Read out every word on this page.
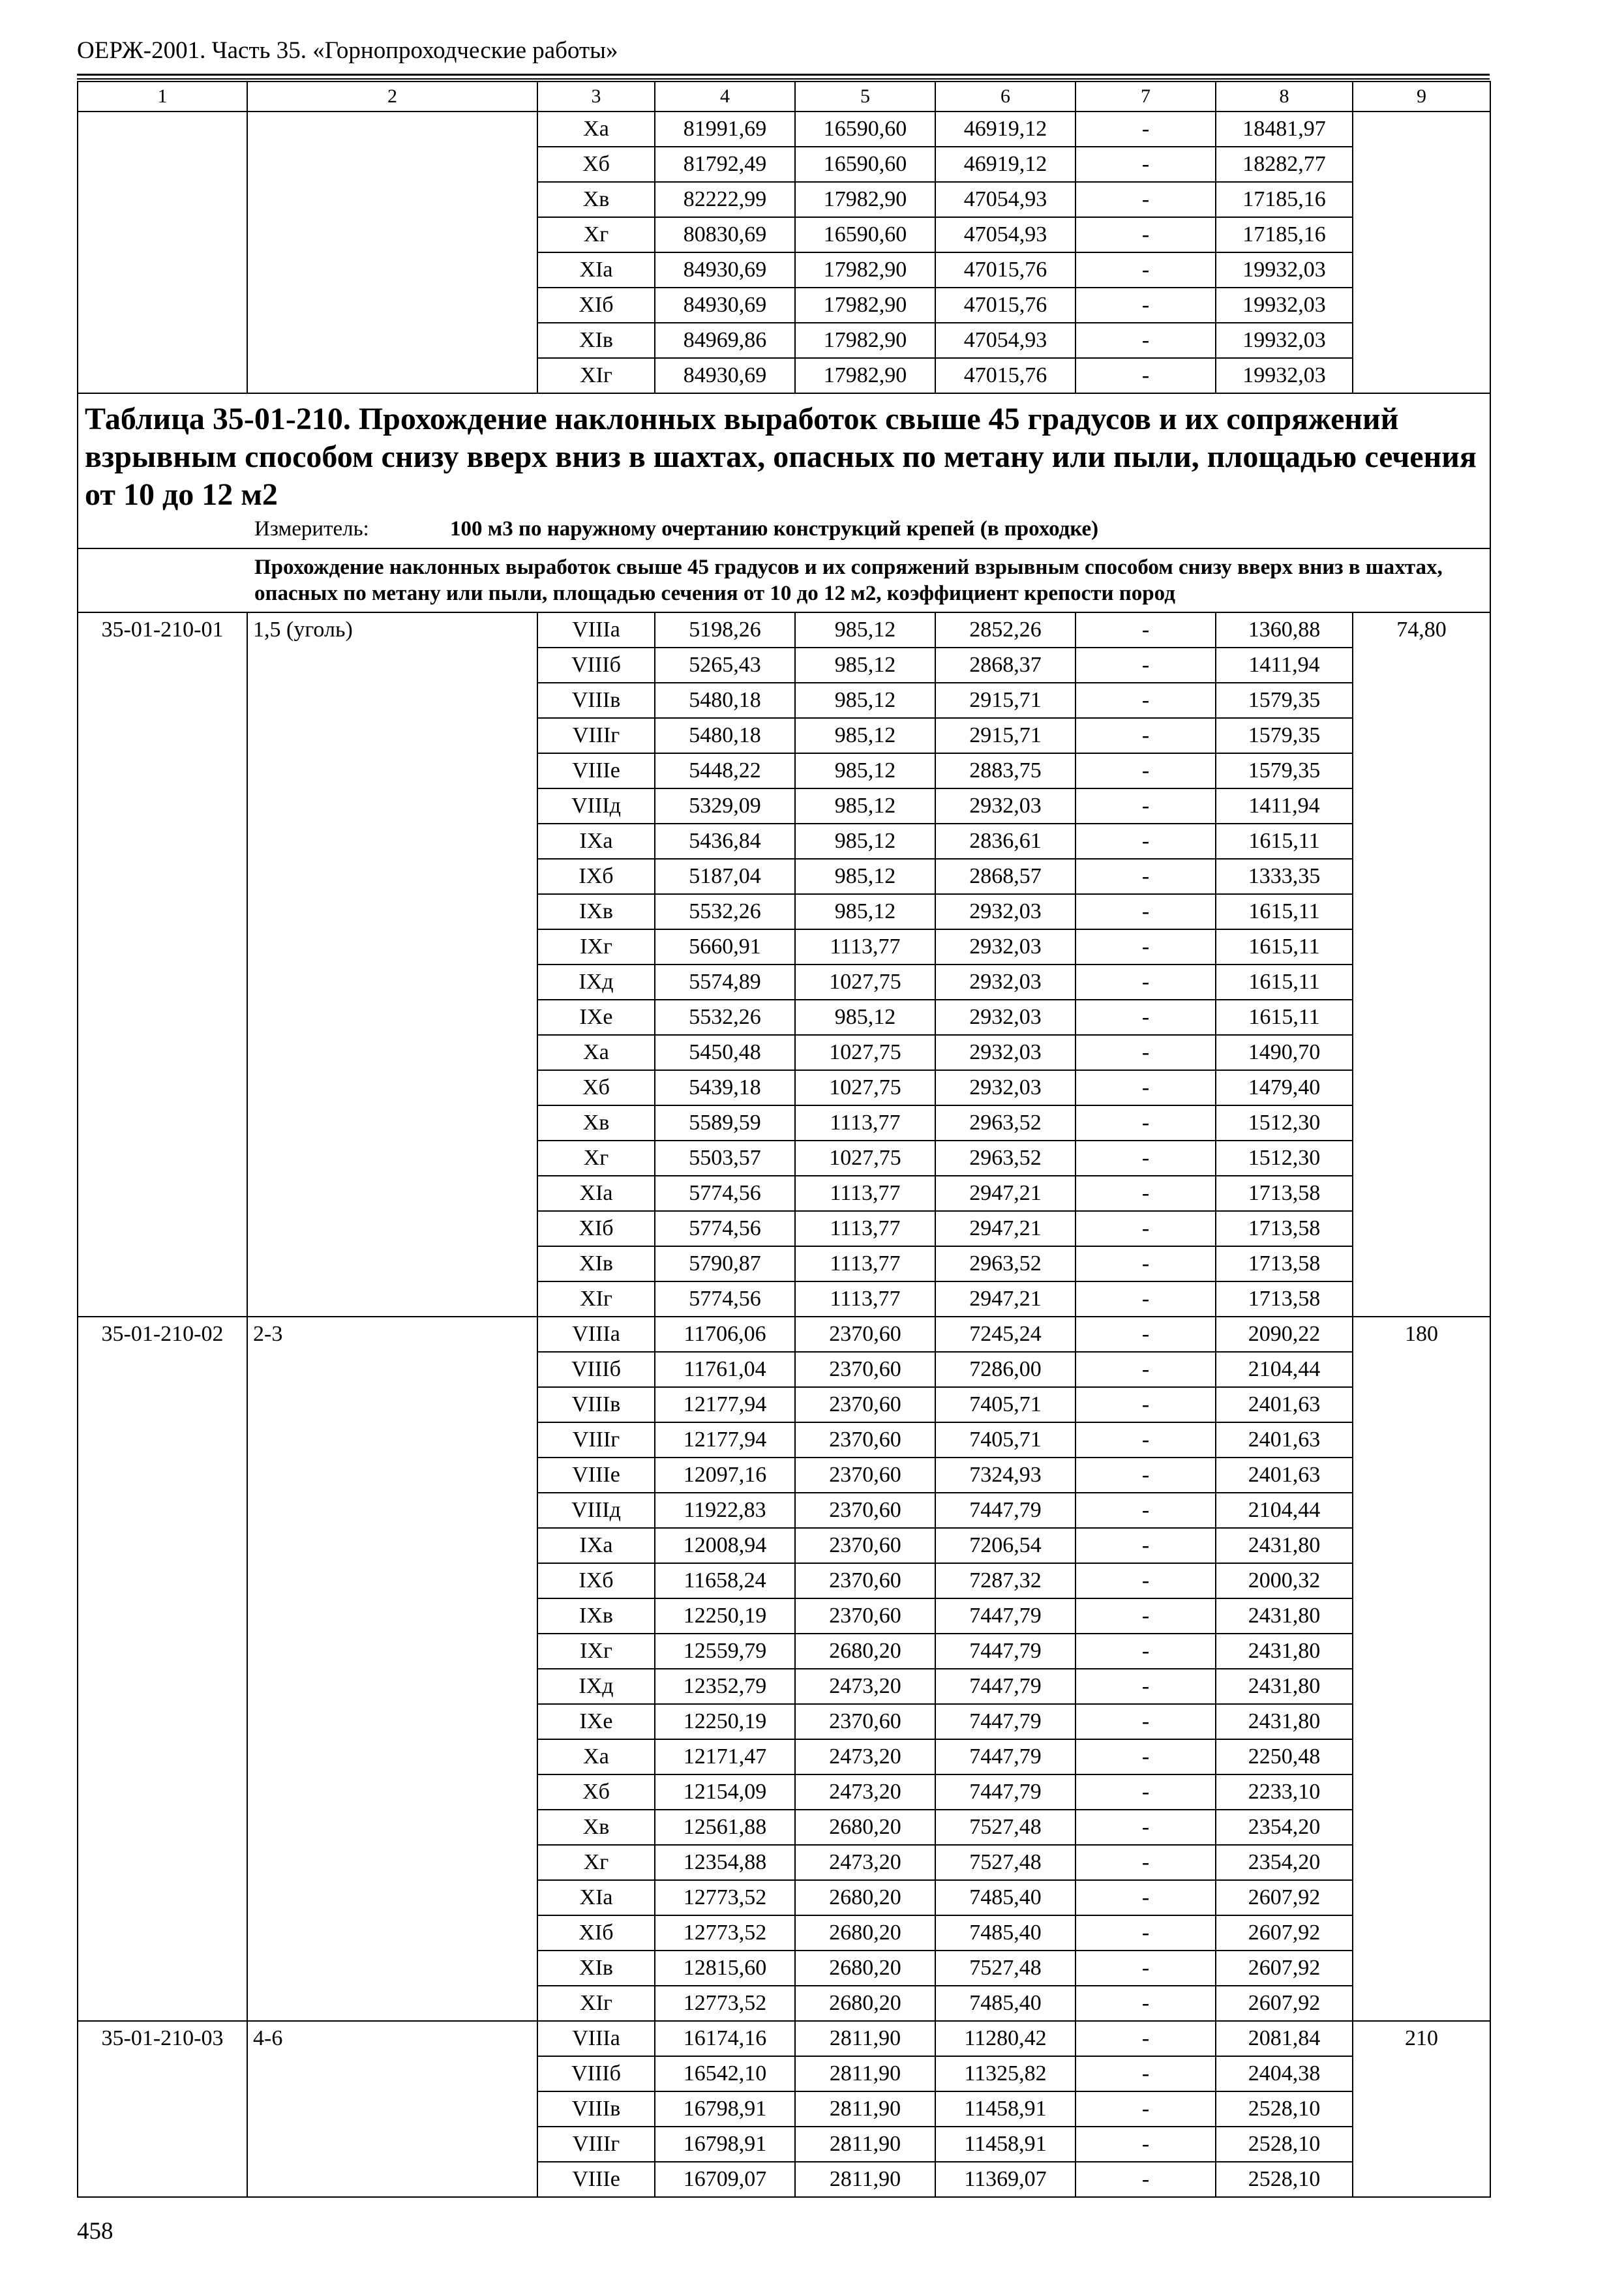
ОЕРЖ-2001. Часть 35. «Горнопроходческие работы»
1	2	3	4	5	6	7	8	9
		Ха	81991,69	16590,60	46919,12	-	18481,97	
		Хб	81792,49	16590,60	46919,12	-	18282,77	
		Хв	82222,99	17982,90	47054,93	-	17185,16	
		Хг	80830,69	16590,60	47054,93	-	17185,16	
		ХIа	84930,69	17982,90	47015,76	-	19932,03	
		ХIб	84930,69	17982,90	47015,76	-	19932,03	
		ХIв	84969,86	17982,90	47054,93	-	19932,03	
		ХIг	84930,69	17982,90	47015,76	-	19932,03	

Таблица 35-01-210. Прохождение наклонных выработок свыше 45 градусов и их сопряжений взрывным способом снизу вверх вниз в шахтах, опасных по метану или пыли, площадью сечения от 10 до 12 м2
Измеритель: 100 м3 по наружному очертанию конструкций крепей (в проходке)								

Прохождение наклонных выработок свыше 45 градусов и их сопряжений взрывным способом снизу вверх вниз в шахтах, опасных по метану или пыли, площадью сечения от 10 до 12 м2, коэффициент крепости пород								
35-01-210-01	1,5 (уголь)	VIIIа	5198,26	985,12	2852,26	-	1360,88	74,80
		VIIIб	5265,43	985,12	2868,37	-	1411,94	
		VIIIв	5480,18	985,12	2915,71	-	1579,35	
		VIIIг	5480,18	985,12	2915,71	-	1579,35	
		VIIIе	5448,22	985,12	2883,75	-	1579,35	
		VIIIд	5329,09	985,12	2932,03	-	1411,94	
		IXа	5436,84	985,12	2836,61	-	1615,11	
		IXб	5187,04	985,12	2868,57	-	1333,35	
		IXв	5532,26	985,12	2932,03	-	1615,11	
		IXг	5660,91	1113,77	2932,03	-	1615,11	
		IXд	5574,89	1027,75	2932,03	-	1615,11	
		IXе	5532,26	985,12	2932,03	-	1615,11	
		Ха	5450,48	1027,75	2932,03	-	1490,70	
		Хб	5439,18	1027,75	2932,03	-	1479,40	
		Хв	5589,59	1113,77	2963,52	-	1512,30	
		Хг	5503,57	1027,75	2963,52	-	1512,30	
		ХIа	5774,56	1113,77	2947,21	-	1713,58	
		ХIб	5774,56	1113,77	2947,21	-	1713,58	
		ХIв	5790,87	1113,77	2963,52	-	1713,58	
		ХIг	5774,56	1113,77	2947,21	-	1713,58	
35-01-210-02	2-3	VIIIа	11706,06	2370,60	7245,24	-	2090,22	180
		VIIIб	11761,04	2370,60	7286,00	-	2104,44	
		VIIIв	12177,94	2370,60	7405,71	-	2401,63	
		VIIIг	12177,94	2370,60	7405,71	-	2401,63	
		VIIIе	12097,16	2370,60	7324,93	-	2401,63	
		VIIIд	11922,83	2370,60	7447,79	-	2104,44	
		IXа	12008,94	2370,60	7206,54	-	2431,80	
		IXб	11658,24	2370,60	7287,32	-	2000,32	
		IXв	12250,19	2370,60	7447,79	-	2431,80	
		IXг	12559,79	2680,20	7447,79	-	2431,80	
		IXд	12352,79	2473,20	7447,79	-	2431,80	
		IXе	12250,19	2370,60	7447,79	-	2431,80	
		Ха	12171,47	2473,20	7447,79	-	2250,48	
		Хб	12154,09	2473,20	7447,79	-	2233,10	
		Хв	12561,88	2680,20	7527,48	-	2354,20	
		Хг	12354,88	2473,20	7527,48	-	2354,20	
		ХIа	12773,52	2680,20	7485,40	-	2607,92	
		ХIб	12773,52	2680,20	7485,40	-	2607,92	
		ХIв	12815,60	2680,20	7527,48	-	2607,92	
		ХIг	12773,52	2680,20	7485,40	-	2607,92	
35-01-210-03	4-6	VIIIа	16174,16	2811,90	11280,42	-	2081,84	210
		VIIIб	16542,10	2811,90	11325,82	-	2404,38	
		VIIIв	16798,91	2811,90	11458,91	-	2528,10	
		VIIIг	16798,91	2811,90	11458,91	-	2528,10	
		VIIIе	16709,07	2811,90	11369,07	-	2528,10	
458
